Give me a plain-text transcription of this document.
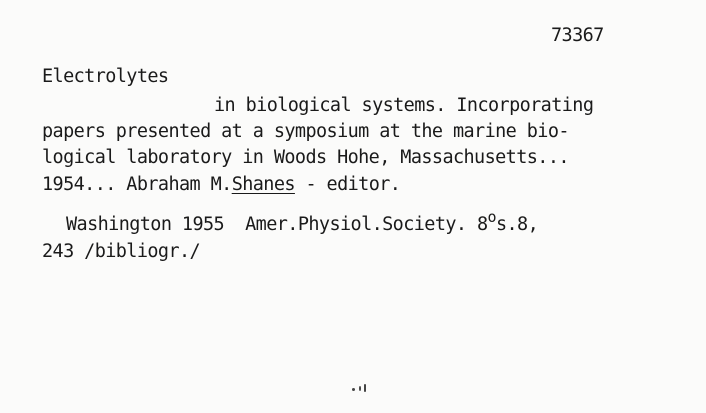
73367
Electrolytes
in biological systems. Incorporating
papers presented at a symposium at the marine bio-
logical laboratory in Woods Hohe, Massachusetts...
1954... Abraham M.Shanes - editor.
Washington 1955  Amer.Physiol.Society. 8$^o$s.8,
243 /bibliogr./
